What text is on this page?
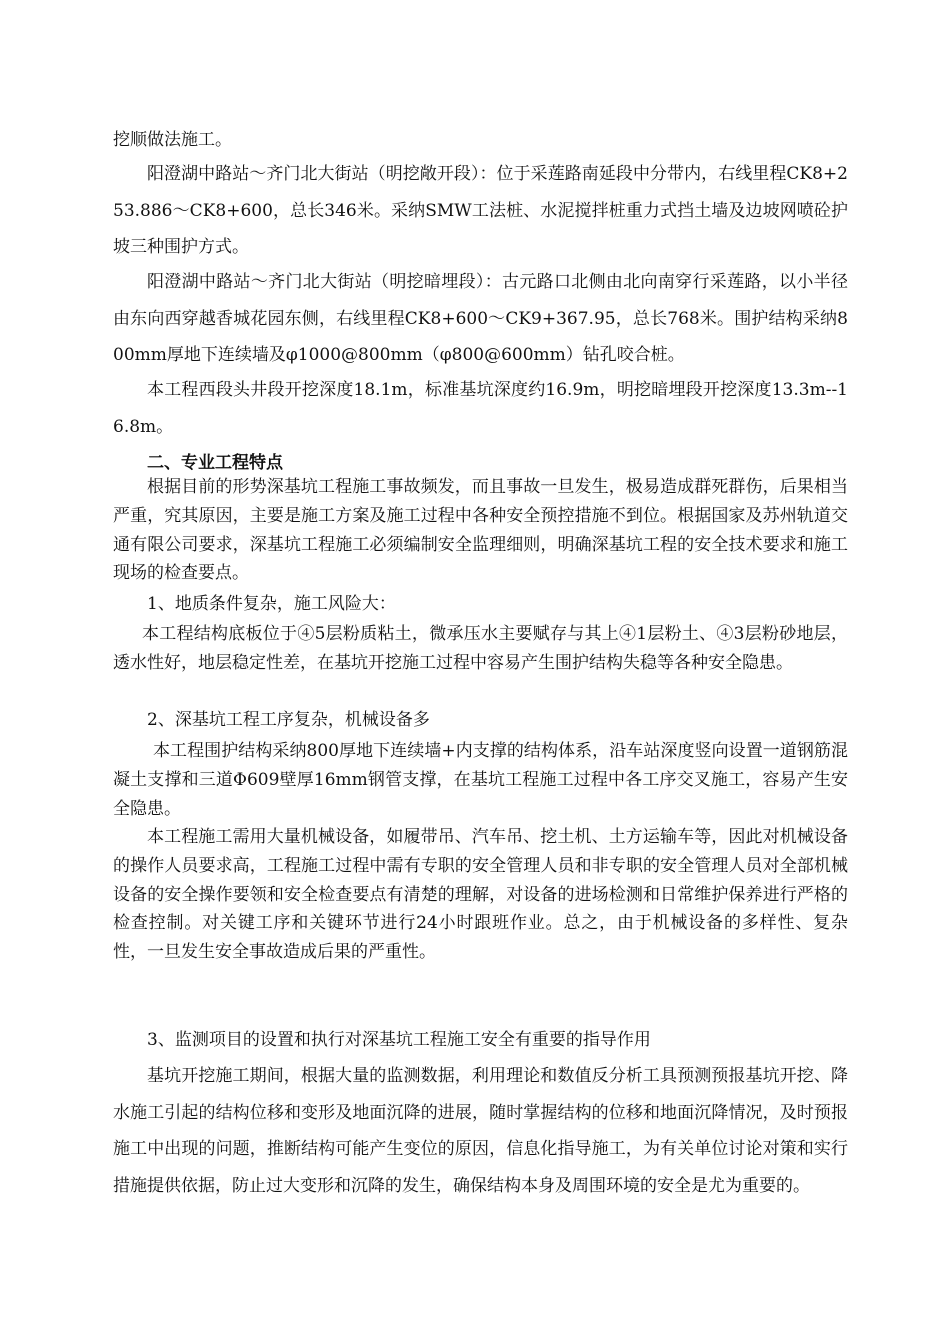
挖顺做法施工。

阳澄湖中路站～齐门北大街站（明挖敞开段）：位于采莲路南延段中分带内，右线里程CK8+253.886～CK8+600，总长346米。采纳SMW工法桩、水泥搅拌桩重力式挡土墙及边坡网喷砼护坡三种围护方式。

阳澄湖中路站～齐门北大街站（明挖暗埋段）：古元路口北侧由北向南穿行采莲路，以小半径由东向西穿越香城花园东侧，右线里程CK8+600～CK9+367.95，总长768米。围护结构采纳800mm厚地下连续墙及φ1000@800mm（φ800@600mm）钻孔咬合桩。

本工程西段头井段开挖深度18.1m，标准基坑深度约16.9m，明挖暗埋段开挖深度13.3m--16.8m。

二、专业工程特点

根据目前的形势深基坑工程施工事故频发，而且事故一旦发生，极易造成群死群伤，后果相当严重，究其原因，主要是施工方案及施工过程中各种安全预控措施不到位。根据国家及苏州轨道交通有限公司要求，深基坑工程施工必须编制安全监理细则，明确深基坑工程的安全技术要求和施工现场的检查要点。

1、地质条件复杂，施工风险大：

本工程结构底板位于④5层粉质粘土，微承压水主要赋存与其上④1层粉土、④3层粉砂地层，透水性好，地层稳定性差，在基坑开挖施工过程中容易产生围护结构失稳等各种安全隐患。

2、深基坑工程工序复杂，机械设备多

本工程围护结构采纳800厚地下连续墙+内支撑的结构体系，沿车站深度竖向设置一道钢筋混凝土支撑和三道Φ609壁厚16mm钢管支撑，在基坑工程施工过程中各工序交叉施工，容易产生安全隐患。

本工程施工需用大量机械设备，如履带吊、汽车吊、挖土机、土方运输车等，因此对机械设备的操作人员要求高，工程施工过程中需有专职的安全管理人员和非专职的安全管理人员对全部机械设备的安全操作要领和安全检查要点有清楚的理解，对设备的进场检测和日常维护保养进行严格的检查控制。对关键工序和关键环节进行24小时跟班作业。总之，由于机械设备的多样性、复杂性，一旦发生安全事故造成后果的严重性。

3、监测项目的设置和执行对深基坑工程施工安全有重要的指导作用

基坑开挖施工期间，根据大量的监测数据，利用理论和数值反分析工具预测预报基坑开挖、降水施工引起的结构位移和变形及地面沉降的进展，随时掌握结构的位移和地面沉降情况，及时预报施工中出现的问题，推断结构可能产生变位的原因，信息化指导施工，为有关单位讨论对策和实行措施提供依据，防止过大变形和沉降的发生，确保结构本身及周围环境的安全是尤为重要的。
